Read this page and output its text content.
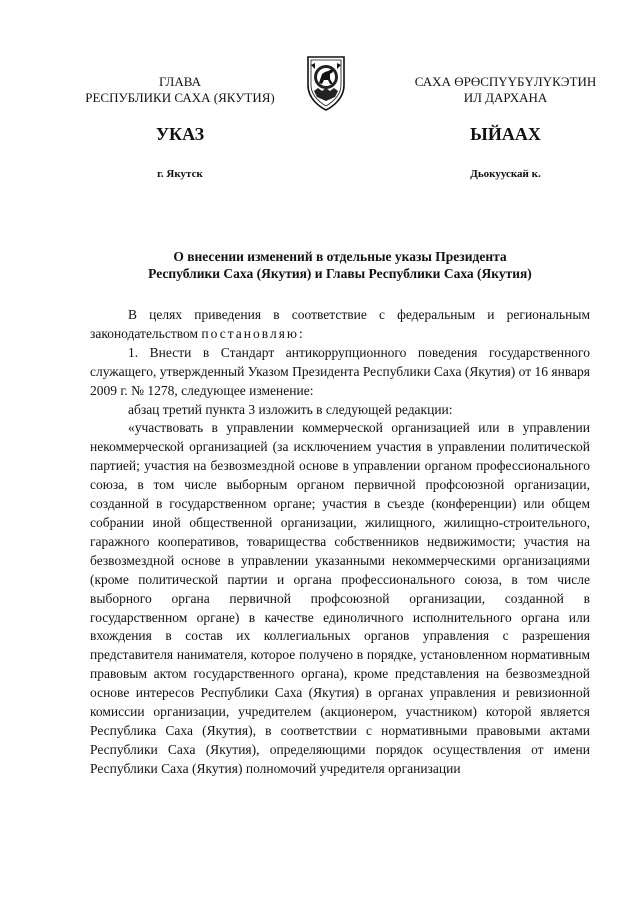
ГЛАВА
РЕСПУБЛИКИ САХА (ЯКУТИЯ)
САХА ӨРӨСПҮҮБҮЛҮКЭТИН
ИЛ ДАРХАНА
УКАЗ	ЫЙААХ
г. Якутск	Дьокуускай к.
О внесении изменений в отдельные указы Президента
Республики Саха (Якутия) и Главы Республики Саха (Якутия)

В целях приведения в соответствие с федеральным и региональным законодательством постановляю:

1. Внести в Стандарт антикоррупционного поведения государственного служащего, утвержденный Указом Президента Республики Саха (Якутия) от 16 января 2009 г. № 1278, следующее изменение:

абзац третий пункта 3 изложить в следующей редакции:

«участвовать в управлении коммерческой организацией или в управлении некоммерческой организацией (за исключением участия в управлении политической партией; участия на безвозмездной основе в управлении органом профессионального союза, в том числе выборным органом первичной профсоюзной организации, созданной в государственном органе; участия в съезде (конференции) или общем собрании иной общественной организации, жилищного, жилищно-строительного, гаражного кооперативов, товарищества собственников недвижимости; участия на безвозмездной основе в управлении указанными некоммерческими организациями (кроме политической партии и органа профессионального союза, в том числе выборного органа первичной профсоюзной организации, созданной в государственном органе) в качестве единоличного исполнительного органа или вхождения в состав их коллегиальных органов управления с разрешения представителя нанимателя, которое получено в порядке, установленном нормативным правовым актом государственного органа), кроме представления на безвозмездной основе интересов Республики Саха (Якутия) в органах управления и ревизионной комиссии организации, учредителем (акционером, участником) которой является Республика Саха (Якутия), в соответствии с нормативными правовыми актами Республики Саха (Якутия), определяющими порядок осуществления от имени Республики Саха (Якутия) полномочий учредителя организации
